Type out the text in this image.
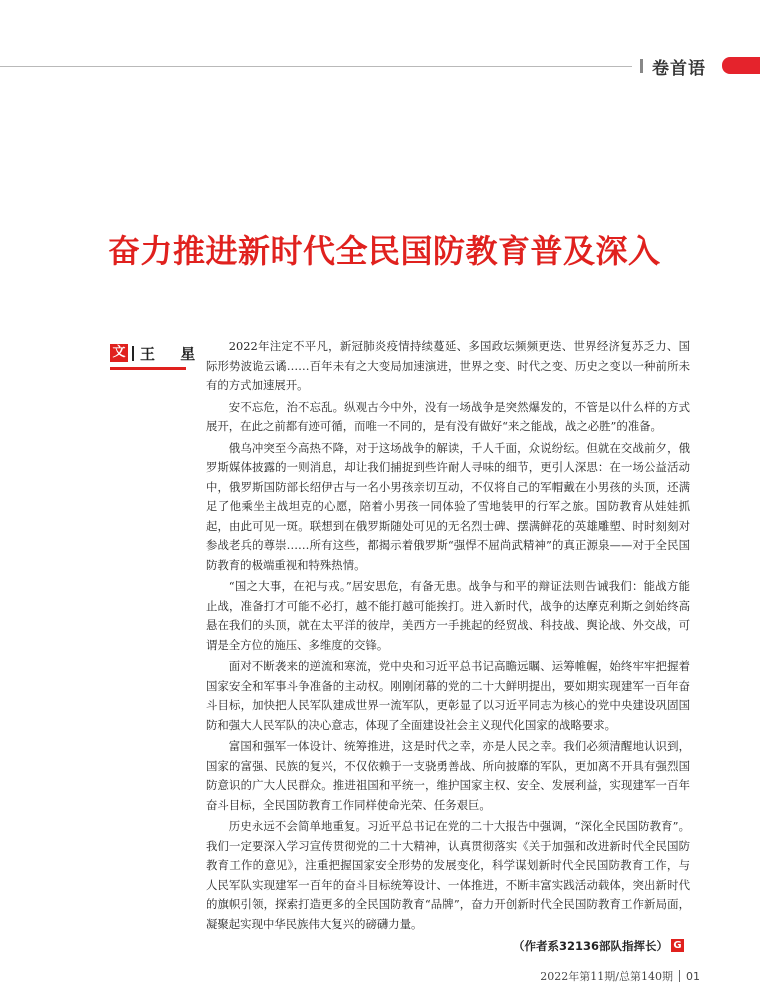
卷首语
奋力推进新时代全民国防教育普及深入
文 王 星	2022年注定不平凡，新冠肺炎疫情持续蔓延、多国政坛频频更迭、世界经济复苏乏力、国际形势波诡云谲……百年未有之大变局加速演进，世界之变、时代之变、历史之变以一种前所未有的方式加速展开。

安不忘危，治不忘乱。纵观古今中外，没有一场战争是突然爆发的，不管是以什么样的方式展开，在此之前都有迹可循，而唯一不同的，是有没有做好“来之能战，战之必胜”的准备。

俄乌冲突至今高热不降，对于这场战争的解读，千人千面，众说纷纭。但就在交战前夕，俄罗斯媒体披露的一则消息，却让我们捕捉到些许耐人寻味的细节，更引人深思：在一场公益活动中，俄罗斯国防部长绍伊古与一名小男孩亲切互动，不仅将自己的军帽戴在小男孩的头顶，还满足了他乘坐主战坦克的心愿，陪着小男孩一同体验了雪地装甲的行军之旅。国防教育从娃娃抓起，由此可见一斑。联想到在俄罗斯随处可见的无名烈士碑、摆满鲜花的英雄雕塑、时时刻刻对参战老兵的尊崇……所有这些，都揭示着俄罗斯“强悍不屈尚武精神”的真正源泉——对于全民国防教育的极端重视和特殊热情。

“国之大事，在祀与戎。”居安思危，有备无患。战争与和平的辩证法则告诫我们：能战方能止战，准备打才可能不必打，越不能打越可能挨打。进入新时代，战争的达摩克利斯之剑始终高悬在我们的头顶，就在太平洋的彼岸，美西方一手挑起的经贸战、科技战、舆论战、外交战，可谓是全方位的施压、多维度的交锋。

面对不断袭来的逆流和寒流，党中央和习近平总书记高瞻远瞩、运筹帷幄，始终牢牢把握着国家安全和军事斗争准备的主动权。刚刚闭幕的党的二十大鲜明提出，要如期实现建军一百年奋斗目标，加快把人民军队建成世界一流军队，更彰显了以习近平同志为核心的党中央建设巩固国防和强大人民军队的决心意志，体现了全面建设社会主义现代化国家的战略要求。

富国和强军一体设计、统筹推进，这是时代之幸，亦是人民之幸。我们必须清醒地认识到，国家的富强、民族的复兴，不仅依赖于一支骁勇善战、所向披靡的军队，更加离不开具有强烈国防意识的广大人民群众。推进祖国和平统一，维护国家主权、安全、发展利益，实现建军一百年奋斗目标，全民国防教育工作同样使命光荣、任务艰巨。

历史永远不会简单地重复。习近平总书记在党的二十大报告中强调，“深化全民国防教育”。我们一定要深入学习宣传贯彻党的二十大精神，认真贯彻落实《关于加强和改进新时代全民国防教育工作的意见》，注重把握国家安全形势的发展变化，科学谋划新时代全民国防教育工作，与人民军队实现建军一百年的奋斗目标统筹设计、一体推进，不断丰富实践活动载体，突出新时代的旗帜引领，探索打造更多的全民国防教育“品牌”，奋力开创新时代全民国防教育工作新局面，凝聚起实现中华民族伟大复兴的磅礴力量。

（作者系32136部队指挥长） G
2022年第11期/总第140期 01
